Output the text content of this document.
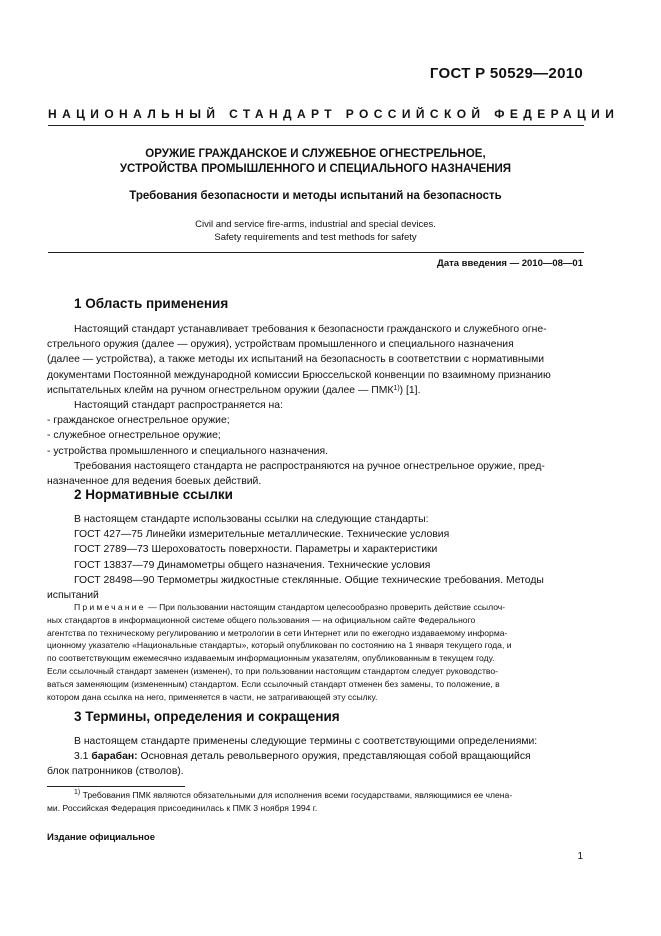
ГОСТ Р 50529—2010
НАЦИОНАЛЬНЫЙ СТАНДАРТ РОССИЙСКОЙ ФЕДЕРАЦИИ
ОРУЖИЕ ГРАЖДАНСКОЕ И СЛУЖЕБНОЕ ОГНЕСТРЕЛЬНОЕ,
УСТРОЙСТВА ПРОМЫШЛЕННОГО И СПЕЦИАЛЬНОГО НАЗНАЧЕНИЯ
Требования безопасности и методы испытаний на безопасность
Civil and service fire-arms, industrial and special devices.
Safety requirements and test methods for safety
Дата введения — 2010—08—01
1 Область применения
Настоящий стандарт устанавливает требования к безопасности гражданского и служебного огне-
стрельного оружия (далее — оружия), устройствам промышленного и специального назначения
(далее — устройства), а также методы их испытаний на безопасность в соответствии с нормативными
документами Постоянной международной комиссии Брюссельской конвенции по взаимному признанию
испытательных клейм на ручном огнестрельном оружии (далее — ПМК$^{1)}$) [1].
Настоящий стандарт распространяется на:
- гражданское огнестрельное оружие;
- служебное огнестрельное оружие;
- устройства промышленного и специального назначения.
Требования настоящего стандарта не распространяются на ручное огнестрельное оружие, пред-
назначенное для ведения боевых действий.
2 Нормативные ссылки
В настоящем стандарте использованы ссылки на следующие стандарты:
ГОСТ 427—75 Линейки измерительные металлические. Технические условия
ГОСТ 2789—73 Шероховатость поверхности. Параметры и характеристики
ГОСТ 13837—79 Динамометры общего назначения. Технические условия
ГОСТ 28498—90 Термометры жидкостные стеклянные. Общие технические требования. Методы
испытаний
Примечание — При пользовании настоящим стандартом целесообразно проверить действие ссылоч-
ных стандартов в информационной системе общего пользования — на официальном сайте Федерального
агентства по техническому регулированию и метрологии в сети Интернет или по ежегодно издаваемому информа-
ционному указателю «Национальные стандарты», который опубликован по состоянию на 1 января текущего года, и
по соответствующим ежемесячно издаваемым информационным указателям, опубликованным в текущем году.
Если ссылочный стандарт заменен (изменен), то при пользовании настоящим стандартом следует руководство-
ваться заменяющим (измененным) стандартом. Если ссылочный стандарт отменен без замены, то положение, в
котором дана ссылка на него, применяется в части, не затрагивающей эту ссылку.
3 Термины, определения и сокращения
В настоящем стандарте применены следующие термины с соответствующими определениями:
3.1 барабан: Основная деталь револьверного оружия, представляющая собой вращающийся
блок патронников (стволов).
$^{1)}$ Требования ПМК являются обязательными для исполнения всеми государствами, являющимися ее члена-
ми. Российская Федерация присоединилась к ПМК 3 ноября 1994 г.
Издание официальное
1
